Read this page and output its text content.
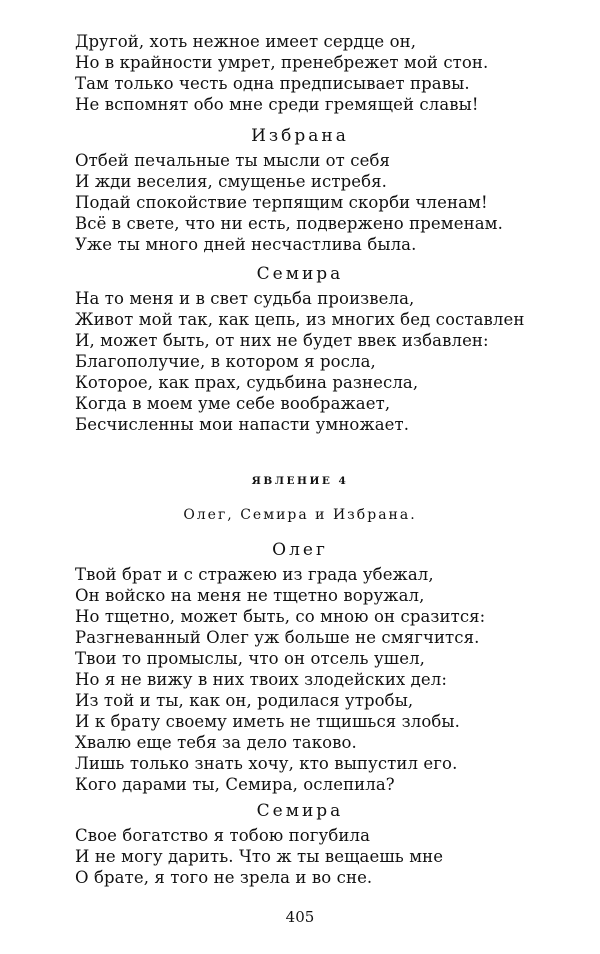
Другой, хоть нежное имеет сердце он,
Но в крайности умрет, пренебрежет мой стон.
Там только честь одна предписывает правы.
Не вспомнят обо мне среди гремящей славы!
Избрана
Отбей печальные ты мысли от себя
И жди веселия, смущенье истребя.
Подай спокойствие терпящим скорби членам!
Всё в свете, что ни есть, подвержено пременам.
Уже ты много дней несчастлива была.
Семира
На то меня и в свет судьба произвела,
Живот мой так, как цепь, из многих бед составлен
И, может быть, от них не будет ввек избавлен:
Благополучие, в котором я росла,
Которое, как прах, судьбина разнесла,
Когда в моем уме себе воображает,
Бесчисленны мои напасти умножает.
ЯВЛЕНИЕ 4
Олег, Семира и Избрана.
Олег
Твой брат и с стражею из града убежал,
Он войско на меня не тщетно воружал,
Но тщетно, может быть, со мною он сразится:
Разгневанный Олег уж больше не смягчится.
Твои то промыслы, что он отсель ушел,
Но я не вижу в них твоих злодейских дел:
Из той и ты, как он, родилася утробы,
И к брату своему иметь не тщишься злобы.
Хвалю еще тебя за дело таково.
Лишь только знать хочу, кто выпустил его.
Кого дарами ты, Семира, ослепила?
Семира
Свое богатство я тобою погубила
И не могу дарить. Что ж ты вещаешь мне
О брате, я того не зрела и во сне.
405
